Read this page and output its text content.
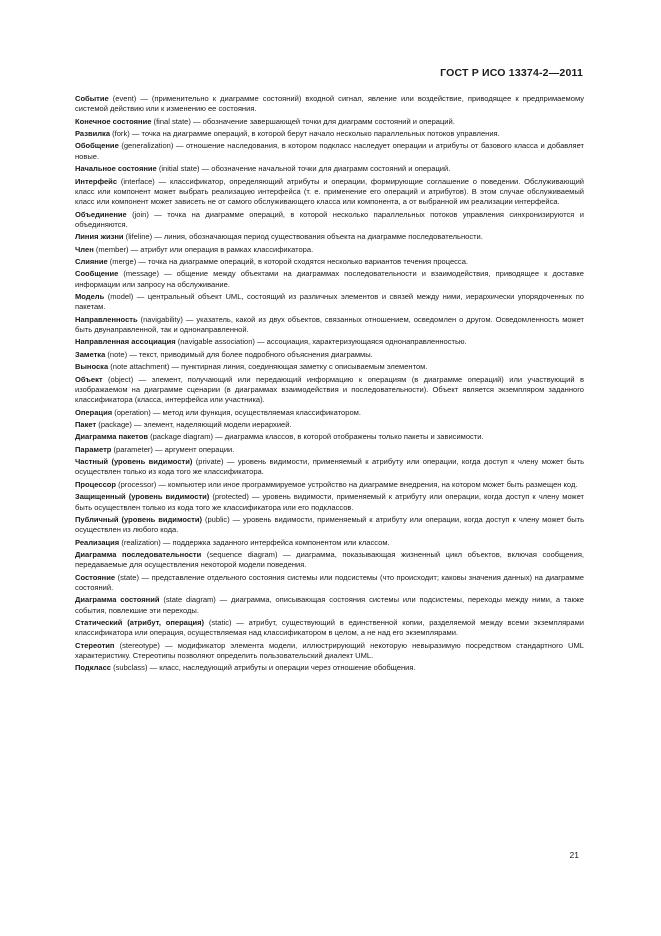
ГОСТ Р ИСО 13374-2—2011

Событие (event) — (применительно к диаграмме состояний) входной сигнал, явление или воздействие, приводящее к предпримаемому системой действию или к изменению ее состояния.

Конечное состояние (final state) — обозначение завершающей точки для диаграмм состояний и операций.

Развилка (fork) — точка на диаграмме операций, в которой берут начало несколько параллельных потоков управления.

Обобщение (generalization) — отношение наследования, в котором подкласс наследует операции и атрибуты от базового класса и добавляет новые.

Начальное состояние (initial state) — обозначение начальной точки для диаграмм состояний и операций.

Интерфейс (interface) — классификатор, определяющий атрибуты и операции, формирующие соглашение о поведении. Обслуживающий класс или компонент может выбрать реализацию интерфейса (т. е. применение его операций и атрибутов). В этом случае обслуживаемый класс или компонент может зависеть не от самого обслуживающего класса или компонента, а от выбранной им реализации интерфейса.

Объединение (join) — точка на диаграмме операций, в которой несколько параллельных потоков управления синхронизируются и объединяются.

Линия жизни (lifeline) — линия, обозначающая период существования объекта на диаграмме последовательности.

Член (member) — атрибут или операция в рамках классификатора.

Слияние (merge) — точка на диаграмме операций, в которой сходятся несколько вариантов течения процесса.

Сообщение (message) — общение между объектами на диаграммах последовательности и взаимодействия, приводящее к доставке информации или запросу на обслуживание.

Модель (model) — центральный объект UML, состоящий из различных элементов и связей между ними, иерархически упорядоченных по пакетам.

Направленность (navigability) — указатель, какой из двух объектов, связанных отношением, осведомлен о другом. Осведомленность может быть двунаправленной, так и однонаправленной.

Направленная ассоциация (navigable association) — ассоциация, характеризующаяся однонаправленностью.

Заметка (note) — текст, приводимый для более подробного объяснения диаграммы.

Выноска (note attachment) — пунктирная линия, соединяющая заметку с описываемым элементом.

Объект (object) — элемент, получающий или передающий информацию к операциям (в диаграмме операций) или участвующий в изображаемом на диаграмме сценарии (в диаграммах взаимодействия и последовательности). Объект является экземпляром заданного классификатора (класса, интерфейса или участника).

Операция (operation) — метод или функция, осуществляемая классификатором.

Пакет (package) — элемент, наделяющий модели иерархией.

Диаграмма пакетов (package diagram) — диаграмма классов, в которой отображены только пакеты и зависимости.

Параметр (parameter) — аргумент операции.

Частный (уровень видимости) (private) — уровень видимости, применяемый к атрибуту или операции, когда доступ к члену может быть осуществлен только из кода того же классификатора.

Процессор (processor) — компьютер или иное программируемое устройство на диаграмме внедрения, на котором может быть размещен код.

Защищенный (уровень видимости) (protected) — уровень видимости, применяемый к атрибуту или операции, когда доступ к члену может быть осуществлен только из кода того же классификатора или его подклассов.

Публичный (уровень видимости) (public) — уровень видимости, применяемый к атрибуту или операции, когда доступ к члену может быть осуществлен из любого кода.

Реализация (realization) — поддержка заданного интерфейса компонентом или классом.

Диаграмма последовательности (sequence diagram) — диаграмма, показывающая жизненный цикл объектов, включая сообщения, передаваемые для осуществления некоторой модели поведения.

Состояние (state) — представление отдельного состояния системы или подсистемы (что происходит; каковы значения данных) на диаграмме состояний.

Диаграмма состояний (state diagram) — диаграмма, описывающая состояния системы или подсистемы, переходы между ними, а также события, повлекшие эти переходы.

Статический (атрибут, операция) (static) — атрибут, существующий в единственной копии, разделяемой между всеми экземплярами классификатора или операция, осуществляемая над классификатором в целом, а не над его экземплярами.

Стереотип (stereotype) — модификатор элемента модели, иллюстрирующий некоторую невыразимую посредством стандартного UML характеристику. Стереотипы позволяют определить пользовательский диалект UML.

Подкласс (subclass) — класс, наследующий атрибуты и операции через отношение обобщения.

21
